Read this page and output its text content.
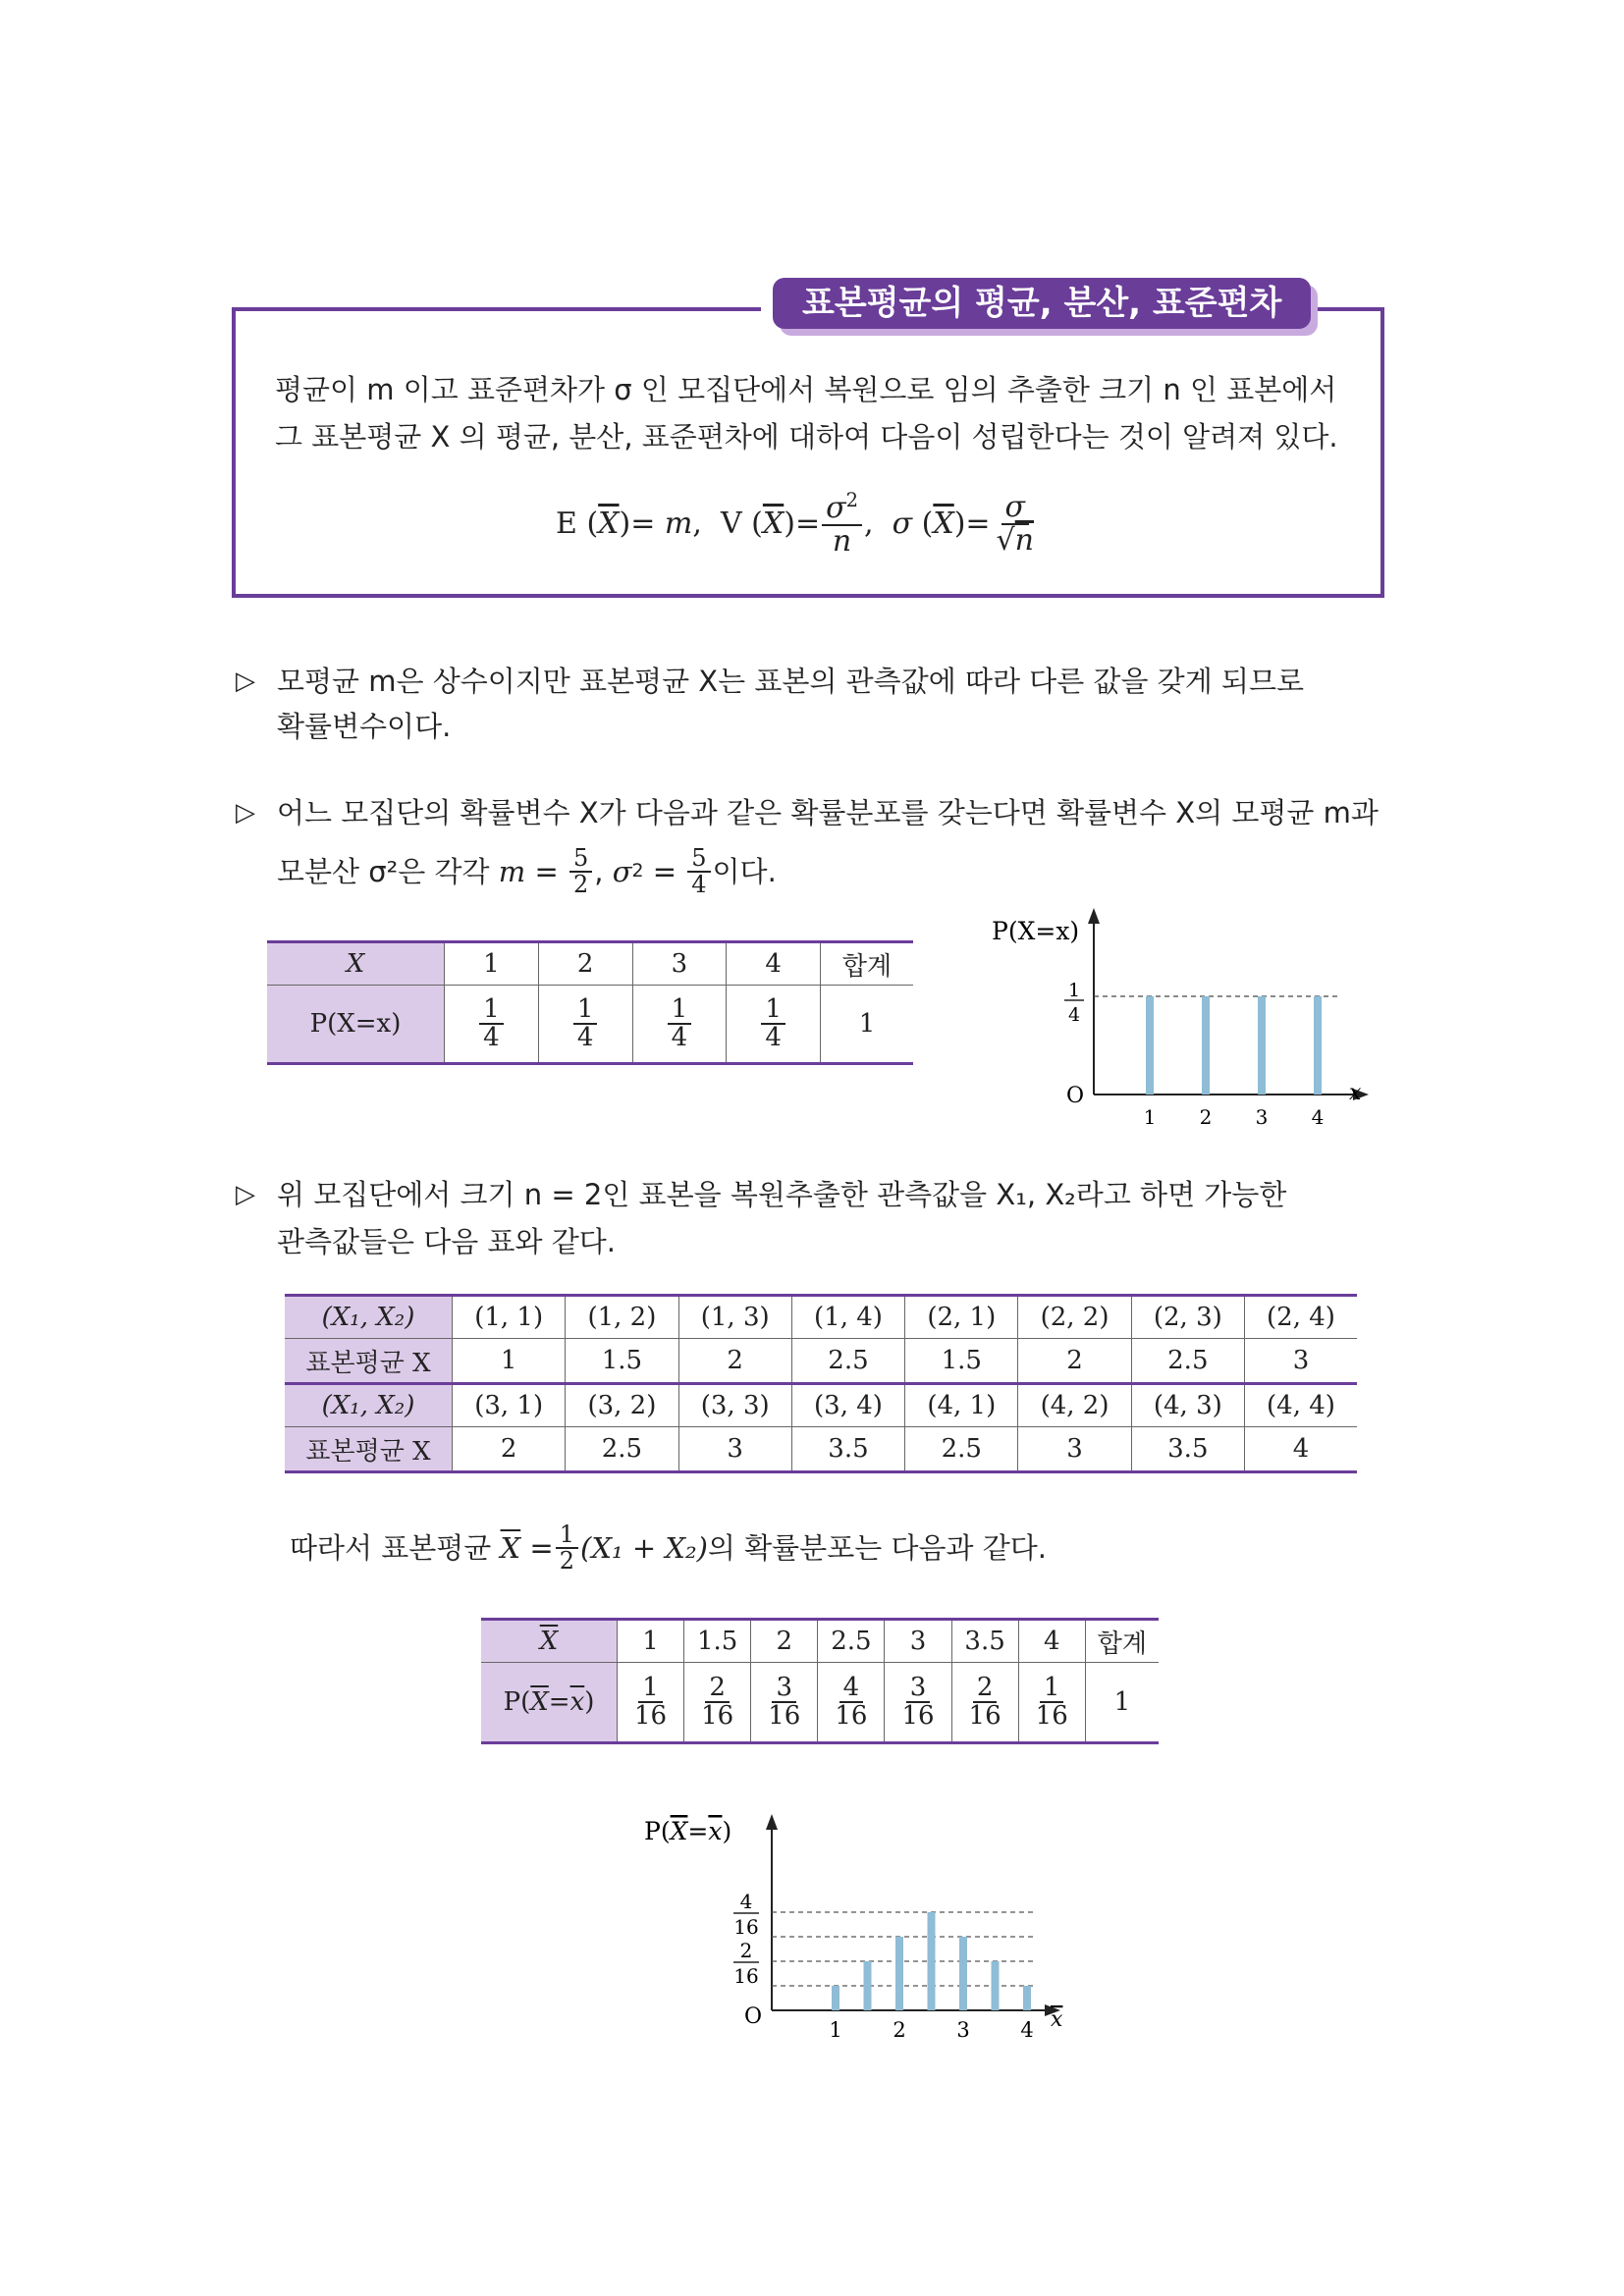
표본평균의 평균, 분산, 표준편차
평균이 m 이고 표준편차가 σ 인 모집단에서 복원으로 임의 추출한 크기 n 인 표본에서
그 표본평균 X 의 평균, 분산, 표준편차에 대하여 다음이 성립한다는 것이 알려져 있다.
E ( $\overline{X}$ )= m , V ( $\overline{X}$ )= $\frac{\sigma^2}{n}$ , σ ( $\overline{X}$ )= $\frac{\sigma}{√n}$
▷ 모평균 m은 상수이지만 표본평균 X는 표본의 관측값에 따라 다른 값을 갖게 되므로
확률변수이다.
▷ 어느 모집단의 확률변수 X가 다음과 같은 확률분포를 갖는다면 확률변수 X의 모평균 m과
모분산 σ²은 각각
$m = \frac{5}{2}$ , σ $2 = \frac{5}{4}$ 이다.
X	1	2	3	4	합계
P(X=x)	$\frac{1}{4}$	$\frac{1}{4}$	$\frac{1}{4}$	$\frac{1}{4}$	1
P(X=x)
O	x
1
4
1 2 3 4
▷ 위 모집단에서 크기 n = 2인 표본을 복원추출한 관측값을 X₁, X₂라고 하면 가능한
관측값들은 다음 표와 같다.
(X₁, X₂)	(1, 1)	(1, 2)	(1, 3)	(1, 4)	(2, 1)	(2, 2)	(2, 3)	(2, 4)
표본평균 X	1	1.5	2	2.5	1.5	2	2.5	3
(X₁, X₂)	(3, 1)	(3, 2)	(3, 3)	(3, 4)	(4, 1)	(4, 2)	(4, 3)	(4, 4)
표본평균 X	2	2.5	3	3.5	2.5	3	3.5	4
따라서 표본평균
$\overline{X} = \frac{1}{2} (X_1 + X_2)$ 의 확률분포는 다음과 같다.
$\overline{X}$	1	1.5	2	2.5	3	3.5	4	합계
$P(\overline{X}=\overline{x})$	$\frac{1}{16}$	$\frac{2}{16}$	$\frac{3}{16}$	$\frac{4}{16}$	$\frac{3}{16}$	$\frac{2}{16}$	$\frac{1}{16}$	1
P(X=x)
O	x
4
16
2
16
1 2 3 4
